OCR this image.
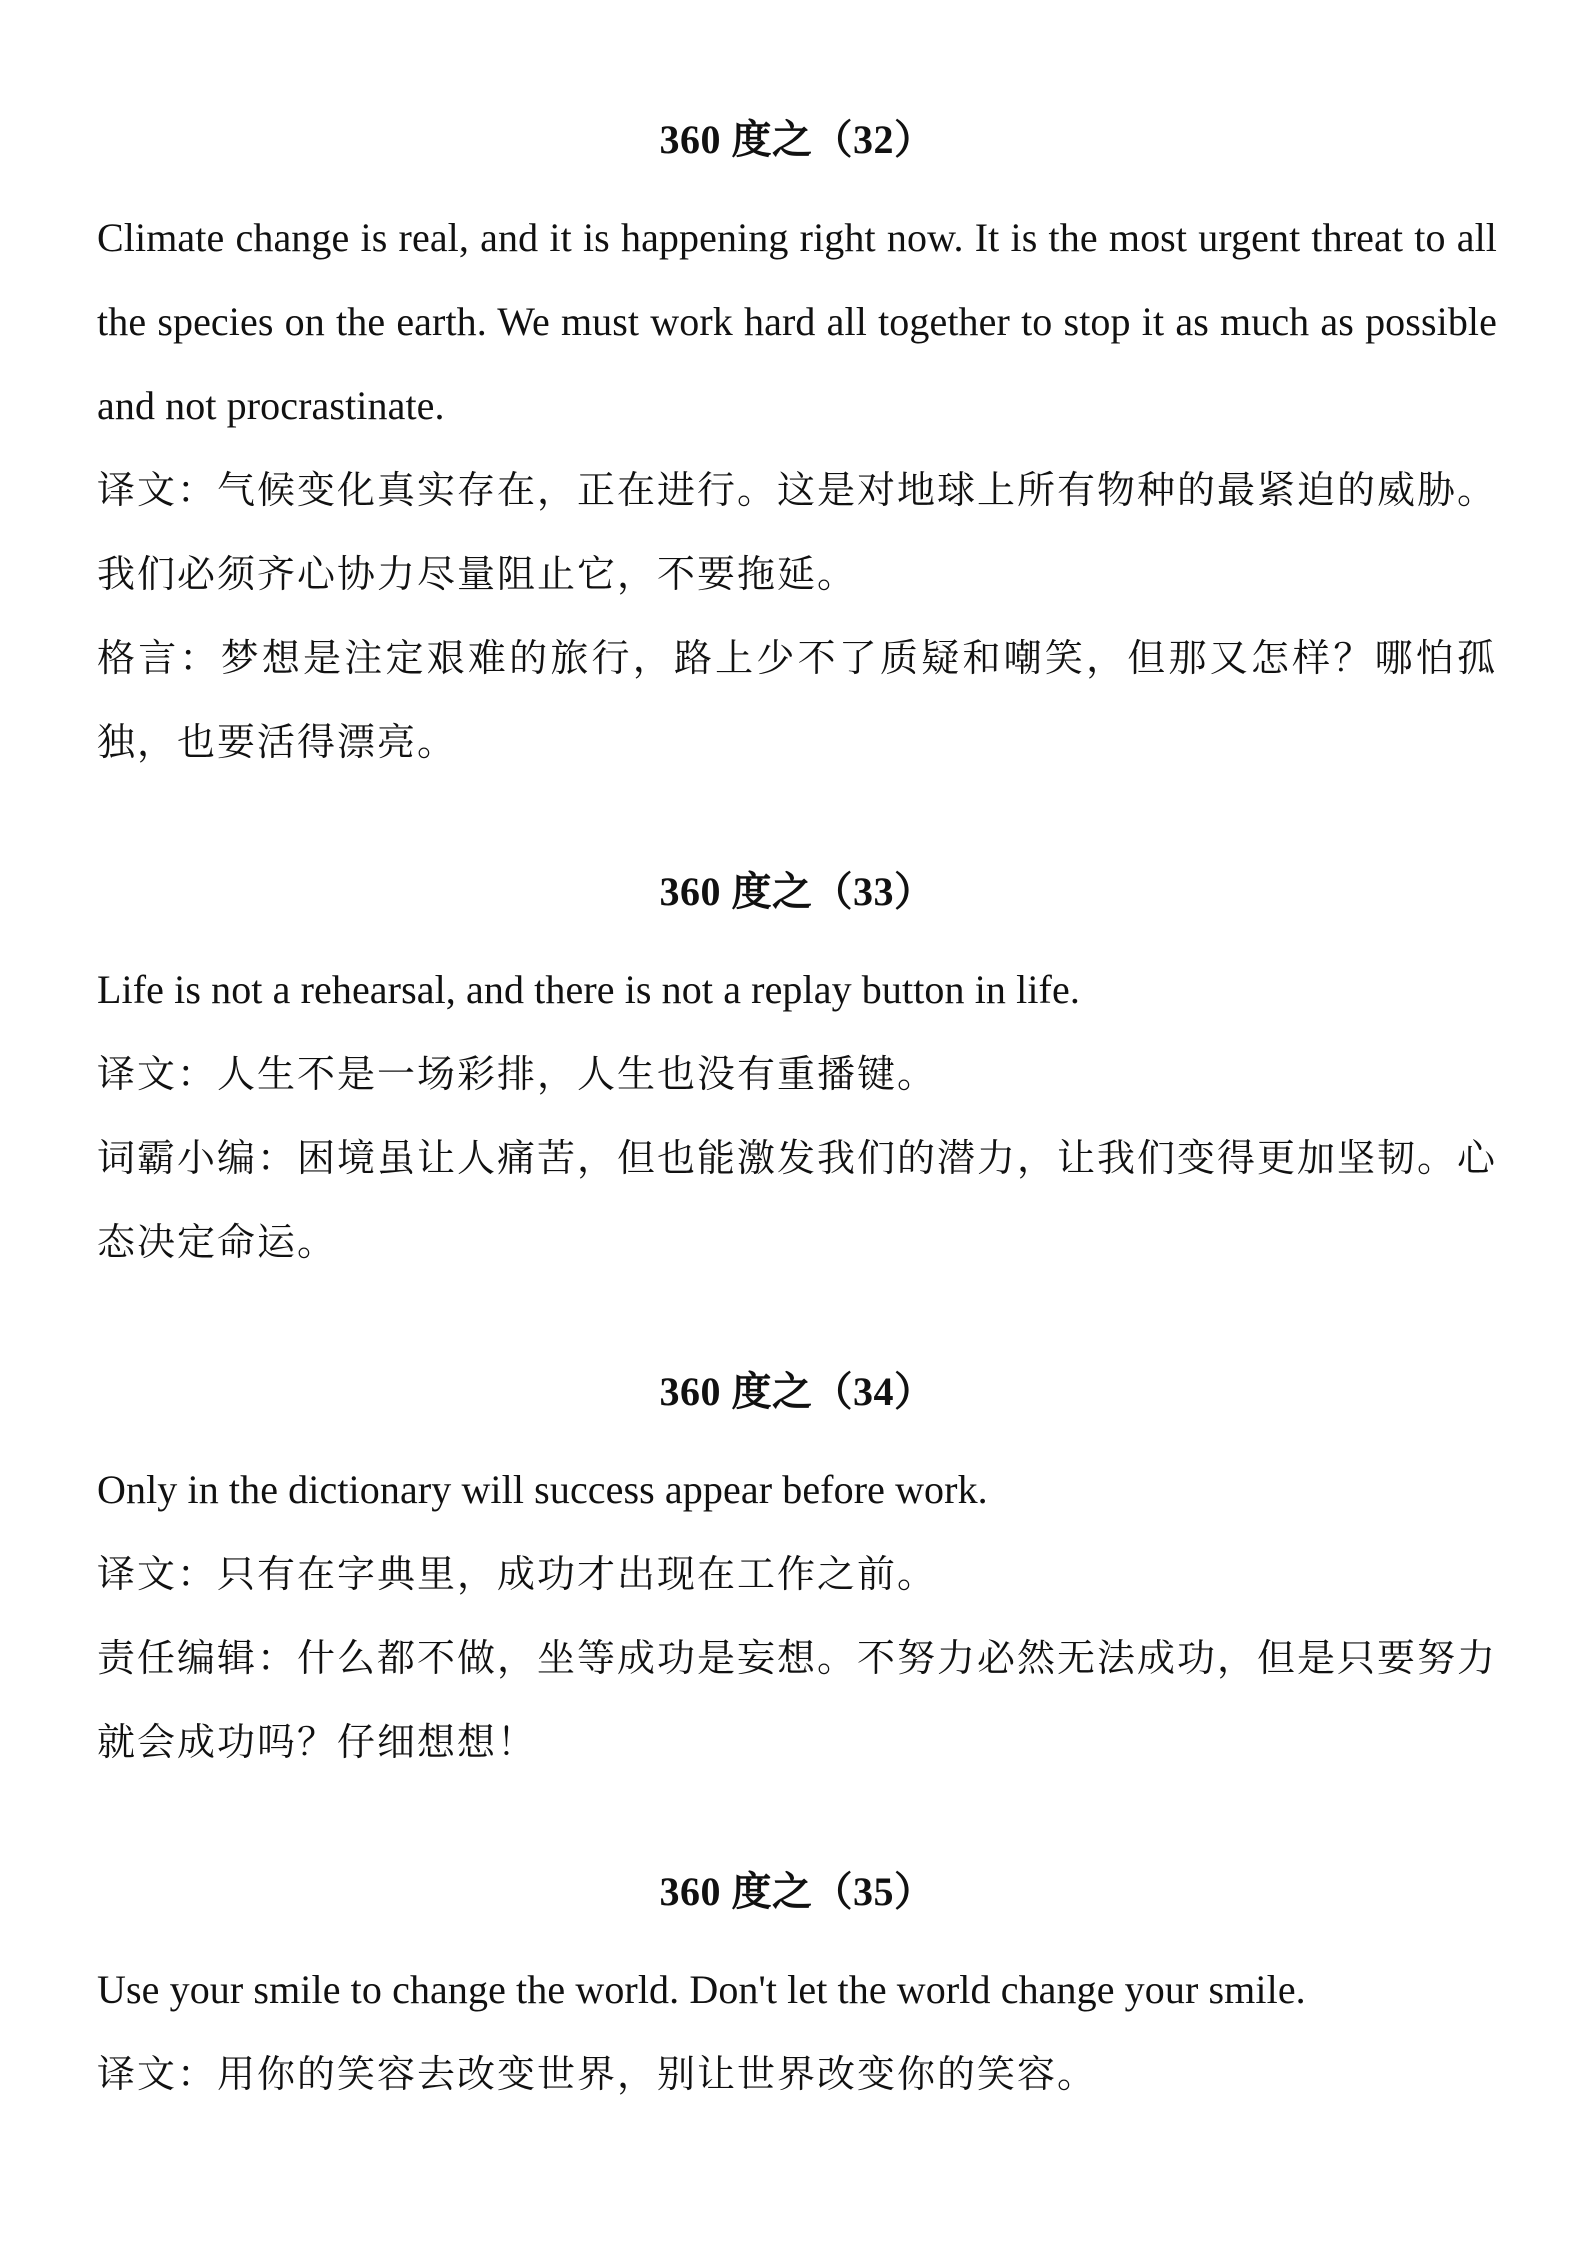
360 度之（32）

Climate change is real, and it is happening right now. It is the most urgent threat to all the species on the earth. We must work hard all together to stop it as much as possible and not procrastinate.

译文：气候变化真实存在，正在进行。这是对地球上所有物种的最紧迫的威胁。我们必须齐心协力尽量阻止它，不要拖延。

格言：梦想是注定艰难的旅行，路上少不了质疑和嘲笑，但那又怎样？哪怕孤独，也要活得漂亮。

360 度之（33）

Life is not a rehearsal, and there is not a replay button in life.

译文：人生不是一场彩排，人生也没有重播键。

词霸小编：困境虽让人痛苦，但也能激发我们的潜力，让我们变得更加坚韧。心态决定命运。

360 度之（34）

Only in the dictionary will success appear before work.

译文：只有在字典里，成功才出现在工作之前。

责任编辑：什么都不做，坐等成功是妄想。不努力必然无法成功，但是只要努力就会成功吗？仔细想想！

360 度之（35）

Use your smile to change the world. Don't let the world change your smile.

译文：用你的笑容去改变世界，别让世界改变你的笑容。
